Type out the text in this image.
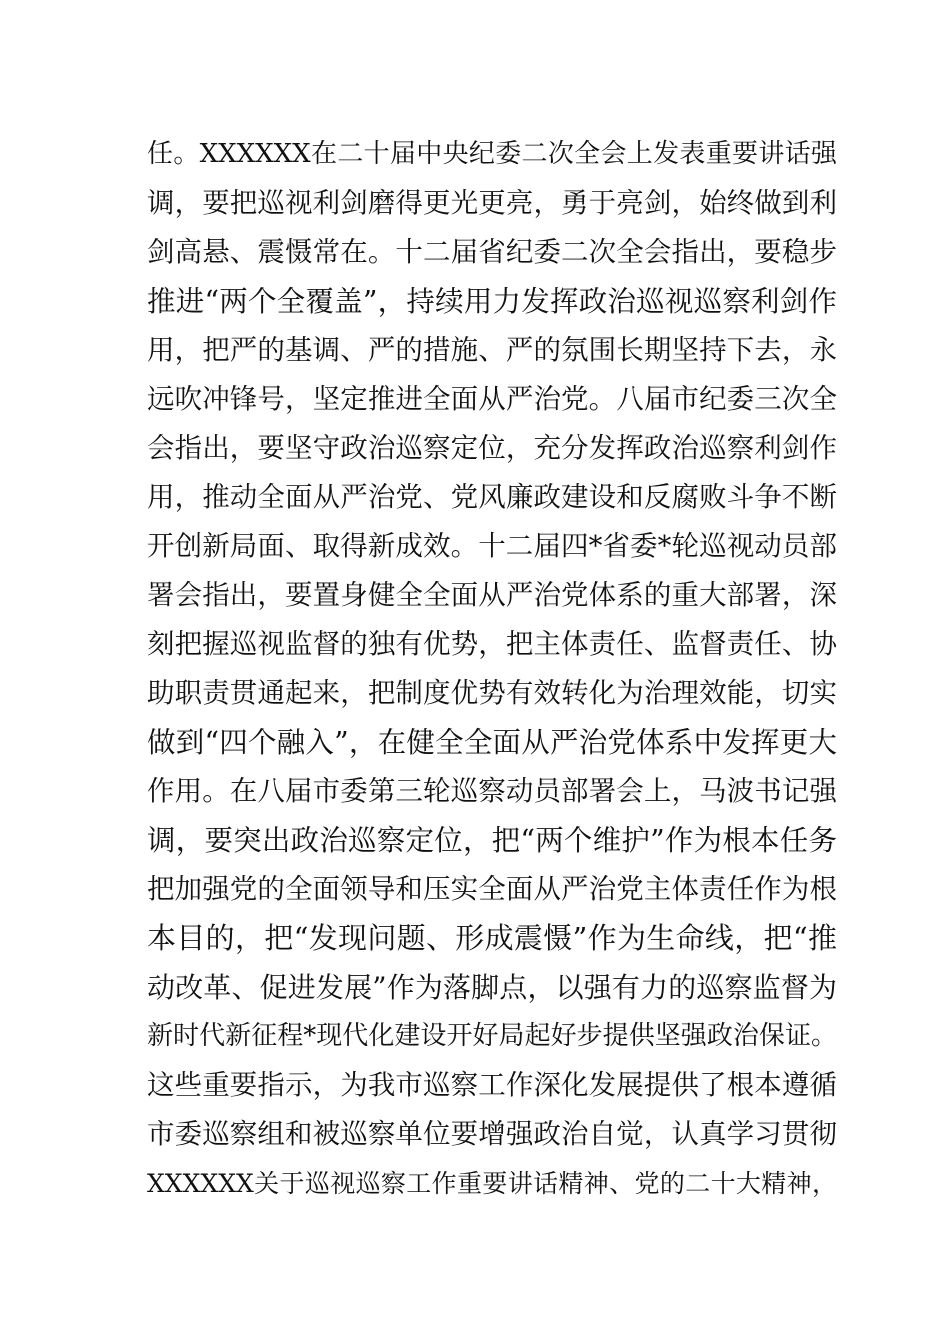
任。XXXXXX在二十届中央纪委二次全会上发表重要讲话强
调，要把巡视利剑磨得更光更亮，勇于亮剑，始终做到利
剑高悬、震慑常在。十二届省纪委二次全会指出，要稳步
推进“两个全覆盖”，持续用力发挥政治巡视巡察利剑作
用，把严的基调、严的措施、严的氛围长期坚持下去，永
远吹冲锋号，坚定推进全面从严治党。八届市纪委三次全
会指出，要坚守政治巡察定位，充分发挥政治巡察利剑作
用，推动全面从严治党、党风廉政建设和反腐败斗争不断
开创新局面、取得新成效。十二届四*省委*轮巡视动员部
署会指出，要置身健全全面从严治党体系的重大部署，深
刻把握巡视监督的独有优势，把主体责任、监督责任、协
助职责贯通起来，把制度优势有效转化为治理效能，切实
做到“四个融入”，在健全全面从严治党体系中发挥更大
作用。在八届市委第三轮巡察动员部署会上，马波书记强
调，要突出政治巡察定位，把“两个维护”作为根本任务
把加强党的全面领导和压实全面从严治党主体责任作为根
本目的，把“发现问题、形成震慑”作为生命线，把“推
动改革、促进发展”作为落脚点，以强有力的巡察监督为
新时代新征程*现代化建设开好局起好步提供坚强政治保证。
这些重要指示，为我市巡察工作深化发展提供了根本遵循
市委巡察组和被巡察单位要增强政治自觉，认真学习贯彻
XXXXXX关于巡视巡察工作重要讲话精神、党的二十大精神，
